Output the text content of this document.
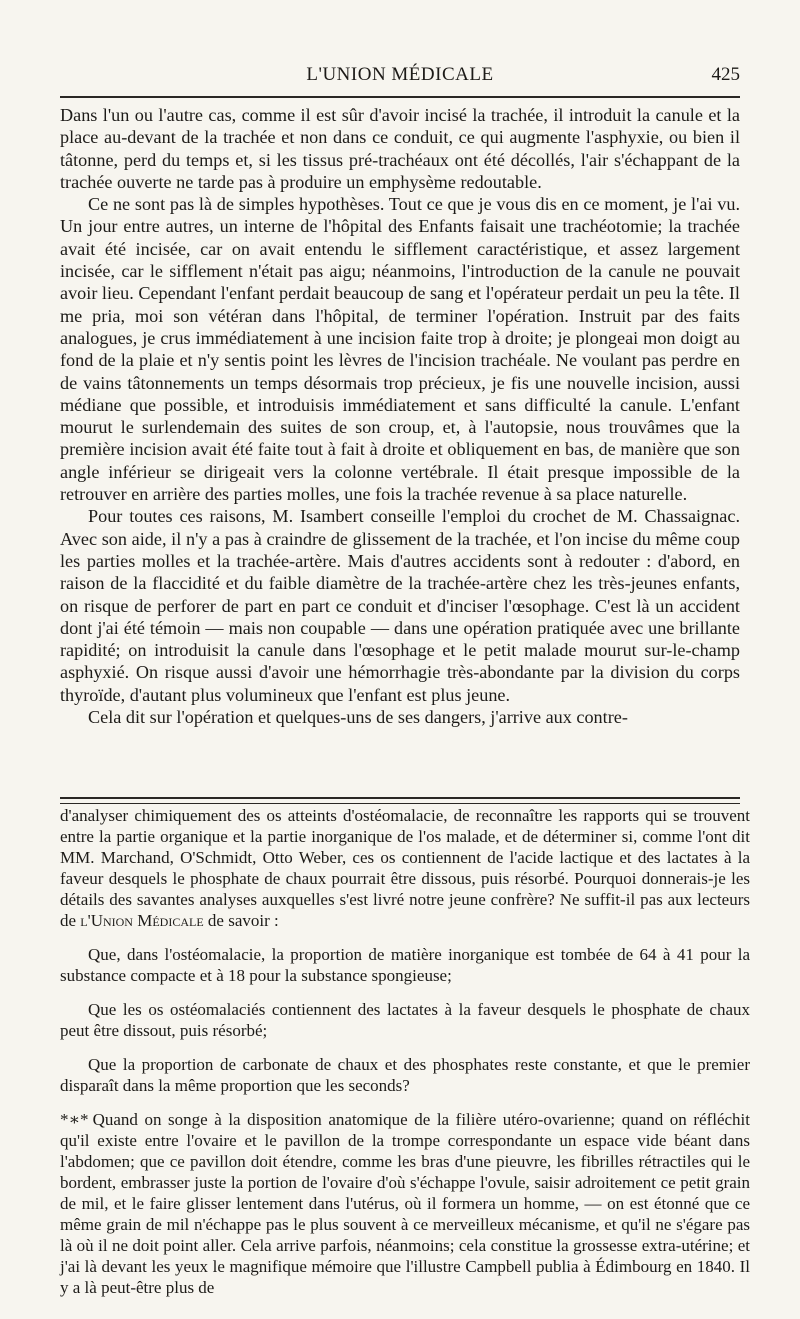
L'UNION MÉDICALE	425

Dans l'un ou l'autre cas, comme il est sûr d'avoir incisé la trachée, il introduit la canule et la place au-devant de la trachée et non dans ce conduit, ce qui augmente l'asphyxie, ou bien il tâtonne, perd du temps et, si les tissus pré-trachéaux ont été décollés, l'air s'échappant de la trachée ouverte ne tarde pas à produire un emphysème redoutable.

Ce ne sont pas là de simples hypothèses. Tout ce que je vous dis en ce moment, je l'ai vu. Un jour entre autres, un interne de l'hôpital des Enfants faisait une trachéotomie; la trachée avait été incisée, car on avait entendu le sifflement caractéristique, et assez largement incisée, car le sifflement n'était pas aigu; néanmoins, l'introduction de la canule ne pouvait avoir lieu. Cependant l'enfant perdait beaucoup de sang et l'opérateur perdait un peu la tête. Il me pria, moi son vétéran dans l'hôpital, de terminer l'opération. Instruit par des faits analogues, je crus immédiatement à une incision faite trop à droite; je plongeai mon doigt au fond de la plaie et n'y sentis point les lèvres de l'incision trachéale. Ne voulant pas perdre en de vains tâtonnements un temps désormais trop précieux, je fis une nouvelle incision, aussi médiane que possible, et introduisis immédiatement et sans difficulté la canule. L'enfant mourut le surlendemain des suites de son croup, et, à l'autopsie, nous trouvâmes que la première incision avait été faite tout à fait à droite et obliquement en bas, de manière que son angle inférieur se dirigeait vers la colonne vertébrale. Il était presque impossible de la retrouver en arrière des parties molles, une fois la trachée revenue à sa place naturelle.

Pour toutes ces raisons, M. Isambert conseille l'emploi du crochet de M. Chassaignac. Avec son aide, il n'y a pas à craindre de glissement de la trachée, et l'on incise du même coup les parties molles et la trachée-artère. Mais d'autres accidents sont à redouter : d'abord, en raison de la flaccidité et du faible diamètre de la trachée-artère chez les très-jeunes enfants, on risque de perforer de part en part ce conduit et d'inciser l'œsophage. C'est là un accident dont j'ai été témoin — mais non coupable — dans une opération pratiquée avec une brillante rapidité; on introduisit la canule dans l'œsophage et le petit malade mourut sur-le-champ asphyxié. On risque aussi d'avoir une hémorrhagie très-abondante par la division du corps thyroïde, d'autant plus volumineux que l'enfant est plus jeune.

Cela dit sur l'opération et quelques-uns de ses dangers, j'arrive aux contre-

d'analyser chimiquement des os atteints d'ostéomalacie, de reconnaître les rapports qui se trouvent entre la partie organique et la partie inorganique de l'os malade, et de déterminer si, comme l'ont dit MM. Marchand, O'Schmidt, Otto Weber, ces os contiennent de l'acide lactique et des lactates à la faveur desquels le phosphate de chaux pourrait être dissous, puis résorbé. Pourquoi donnerais-je les détails des savantes analyses auxquelles s'est livré notre jeune confrère? Ne suffit-il pas aux lecteurs de l'Union Médicale de savoir :

Que, dans l'ostéomalacie, la proportion de matière inorganique est tombée de 64 à 41 pour la substance compacte et à 18 pour la substance spongieuse;

Que les os ostéomalaciés contiennent des lactates à la faveur desquels le phosphate de chaux peut être dissout, puis résorbé;

Que la proportion de carbonate de chaux et des phosphates reste constante, et que le premier disparaît dans la même proportion que les seconds?

*∗* Quand on songe à la disposition anatomique de la filière utéro-ovarienne; quand on réfléchit qu'il existe entre l'ovaire et le pavillon de la trompe correspondante un espace vide béant dans l'abdomen; que ce pavillon doit étendre, comme les bras d'une pieuvre, les fibrilles rétractiles qui le bordent, embrasser juste la portion de l'ovaire d'où s'échappe l'ovule, saisir adroitement ce petit grain de mil, et le faire glisser lentement dans l'utérus, où il formera un homme, — on est étonné que ce même grain de mil n'échappe pas le plus souvent à ce merveilleux mécanisme, et qu'il ne s'égare pas là où il ne doit point aller. Cela arrive parfois, néanmoins; cela constitue la grossesse extra-utérine; et j'ai là devant les yeux le magnifique mémoire que l'illustre Campbell publia à Édimbourg en 1840. Il y a là peut-être plus de
